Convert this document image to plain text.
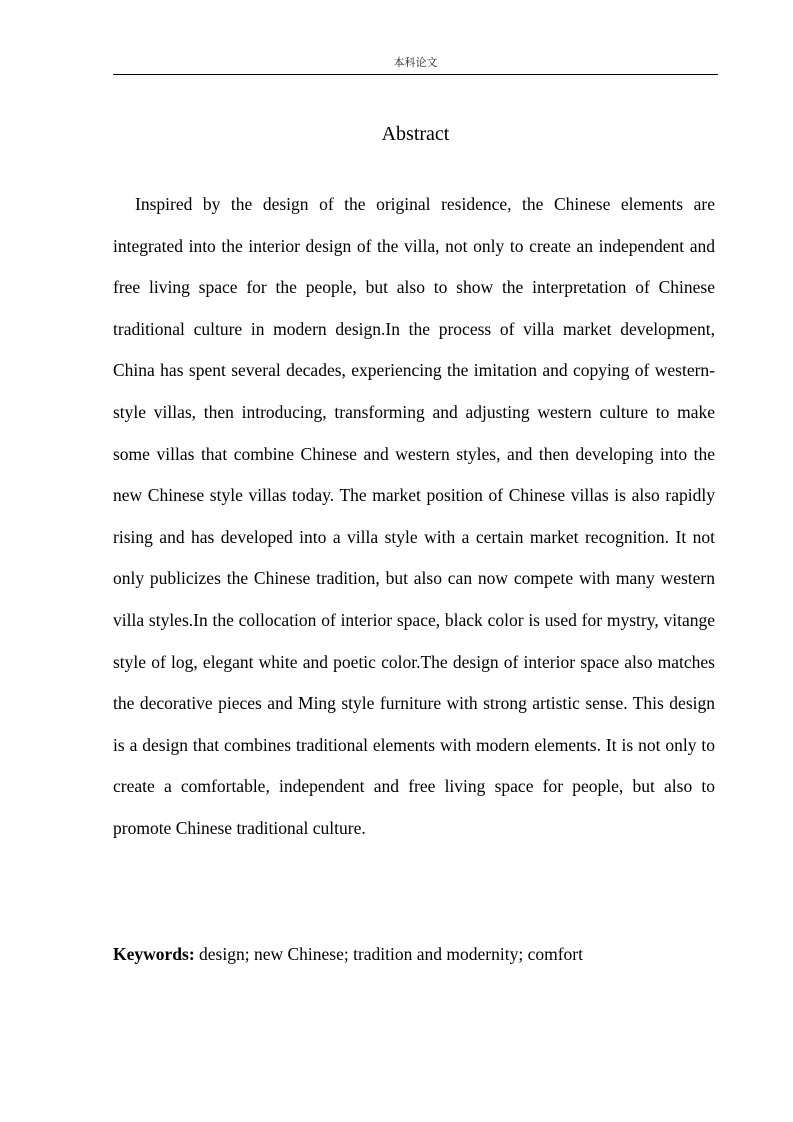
本科论文
Abstract

Inspired by the design of the original residence, the Chinese elements are integrated into the interior design of the villa, not only to create an independent and free living space for the people, but also to show the interpretation of Chinese traditional culture in modern design.In the process of villa market development, China has spent several decades, experiencing the imitation and copying of western-style villas, then introducing, transforming and adjusting western culture to make some villas that combine Chinese and western styles, and then developing into the new Chinese style villas today. The market position of Chinese villas is also rapidly rising and has developed into a villa style with a certain market recognition. It not only publicizes the Chinese tradition, but also can now compete with many western villa styles.In the collocation of interior space, black color is used for mystry, vitange style of log, elegant white and poetic color.The design of interior space also matches the decorative pieces and Ming style furniture with strong artistic sense. This design is a design that combines traditional elements with modern elements. It is not only to create a comfortable, independent and free living space for people, but also to promote Chinese traditional culture.

Keywords: design; new Chinese; tradition and modernity; comfort
